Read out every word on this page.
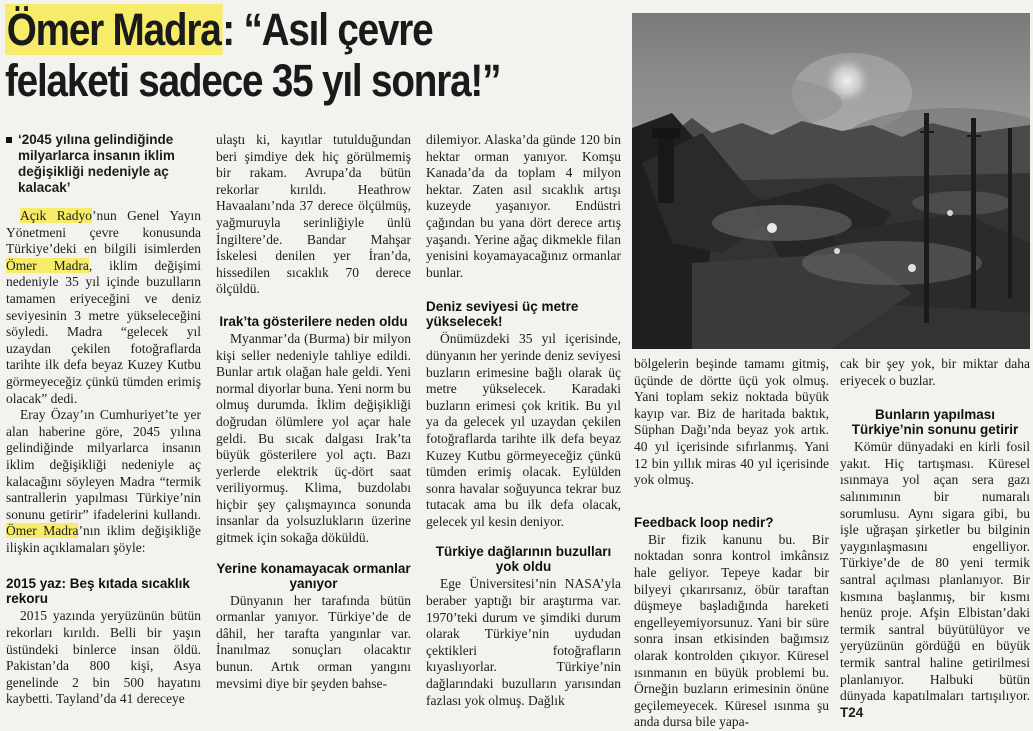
Ömer Madra: “Asıl çevre
felaketi sadece 35 yıl sonra!”
‘2045 yılına gelindiğinde milyarlarca insanın iklim değişikliği nedeniyle aç kalacak’

Açık Radyo’nun Genel Yayın Yönetmeni çevre konusunda Türkiye’deki en bilgili isimlerden Ömer Madra, iklim değişimi nedeniyle 35 yıl içinde buzulların tamamen eriyeceğini ve deniz seviyesinin 3 metre yükseleceğini söyledi. Madra “gelecek yıl uzaydan çekilen fotoğraflarda tarihte ilk defa beyaz Kuzey Kutbu görmeyeceğiz çünkü tümden erimiş olacak” dedi.

Eray Özay’ın Cumhuriyet’te yer alan haberine göre, 2045 yılına gelindiğinde milyarlarca insanın iklim değişikliği nedeniyle aç kalacağını söyleyen Madra “termik santrallerin yapılması Türkiye’nin sonunu getirir” ifadelerini kullandı. Ömer Madra’nın iklim değişikliğe ilişkin açıklamaları şöyle:

2015 yaz: Beş kıtada sıcaklık rekoru

2015 yazında yeryüzünün bütün rekorları kırıldı. Belli bir yaşın üstündeki binlerce insan öldü. Pakistan’da 800 kişi, Asya genelinde 2 bin 500 hayatını kaybetti. Tayland’da 41 dereceye

ulaştı ki, kayıtlar tutulduğundan beri şimdiye dek hiç görülmemiş bir rakam. Avrupa’da bütün rekorlar kırıldı. Heathrow Havaalanı’nda 37 derece ölçülmüş, yağmuruyla serinliğiyle ünlü İngiltere’de. Bandar Mahşar İskelesi denilen yer İran’da, hissedilen sıcaklık 70 derece ölçüldü.

Irak’ta gösterilere neden oldu

Myanmar’da (Burma) bir milyon kişi seller nedeniyle tahliye edildi. Bunlar artık olağan hale geldi. Yeni normal diyorlar buna. Yeni norm bu olmuş durumda. İklim değişikliği doğrudan ölümlere yol açar hale geldi. Bu sıcak dalgası Irak’ta büyük gösterilere yol açtı. Bazı yerlerde elektrik üç-dört saat veriliyormuş. Klima, buzdolabı hiçbir şey çalışmayınca sonunda insanlar da yolsuzlukların üzerine gitmek için sokağa döküldü.

Yerine konamayacak ormanlar yanıyor

Dünyanın her tarafında bütün ormanlar yanıyor. Türkiye’de de dâhil, her tarafta yangınlar var. İnanılmaz sonuçları olacaktır bunun. Artık orman yangını mevsimi diye bir şeyden bahse-

dilemiyor. Alaska’da günde 120 bin hektar orman yanıyor. Komşu Kanada’da da toplam 4 milyon hektar. Zaten asıl sıcaklık artışı kuzeyde yaşanıyor. Endüstri çağından bu yana dört derece artış yaşandı. Yerine ağaç dikmekle filan yenisini koyamayacağınız ormanlar bunlar.

Deniz seviyesi üç metre yükselecek!

Önümüzdeki 35 yıl içerisinde, dünyanın her yerinde deniz seviyesi buzların erimesine bağlı olarak üç metre yükselecek. Karadaki buzların erimesi çok kritik. Bu yıl ya da gelecek yıl uzaydan çekilen fotoğraflarda tarihte ilk defa beyaz Kuzey Kutbu görmeyeceğiz çünkü tümden erimiş olacak. Eylülden sonra havalar soğuyunca tekrar buz tutacak ama bu ilk defa olacak, gelecek yıl kesin deniyor.

Türkiye dağlarının buzulları yok oldu

Ege Üniversitesi’nin NASA’yla beraber yaptığı bir araştırma var. 1970’teki durum ve şimdiki durum olarak Türkiye’nin uydudan çektikleri fotoğrafların kıyaslıyorlar. Türkiye’nin dağlarındaki buzulların yarısından fazlası yok olmuş. Dağlık

bölgelerin beşinde tamamı gitmiş, üçünde de dörtte üçü yok olmuş. Yani toplam sekiz noktada büyük kayıp var. Biz de haritada baktık, Süphan Dağı’nda beyaz yok artık. 40 yıl içerisinde sıfırlanmış. Yani 12 bin yıllık miras 40 yıl içerisinde yok olmuş.

Feedback loop nedir?

Bir fizik kanunu bu. Bir noktadan sonra kontrol imkânsız hale geliyor. Tepeye kadar bir bilyeyi çıkarırsanız, öbür taraftan düşmeye başladığında hareketi engelleyemiyorsunuz. Yani bir süre sonra insan etkisinden bağımsız olarak kontrolden çıkıyor. Küresel ısınmanın en büyük problemi bu. Örneğin buzların erimesinin önüne geçilemeyecek. Küresel ısınma şu anda dursa bile yapa-

cak bir şey yok, bir miktar daha eriyecek o buzlar.

Bunların yapılması Türkiye’nin sonunu getirir

Kömür dünyadaki en kirli fosil yakıt. Hiç tartışması. Küresel ısınmaya yol açan sera gazı salınımının bir numaralı sorumlusu. Aynı sigara gibi, bu işle uğraşan şirketler bu bilginin yaygınlaşmasını engelliyor. Türkiye’de de 80 yeni termik santral açılması planlanıyor. Bir kısmına başlanmış, bir kısmı henüz proje. Afşin Elbistan’daki termik santral büyütülüyor ve yeryüzünün gördüğü en büyük termik santral haline getirilmesi planlanıyor. Halbuki bütün dünyada kapatılmaları tartışılıyor. T24
